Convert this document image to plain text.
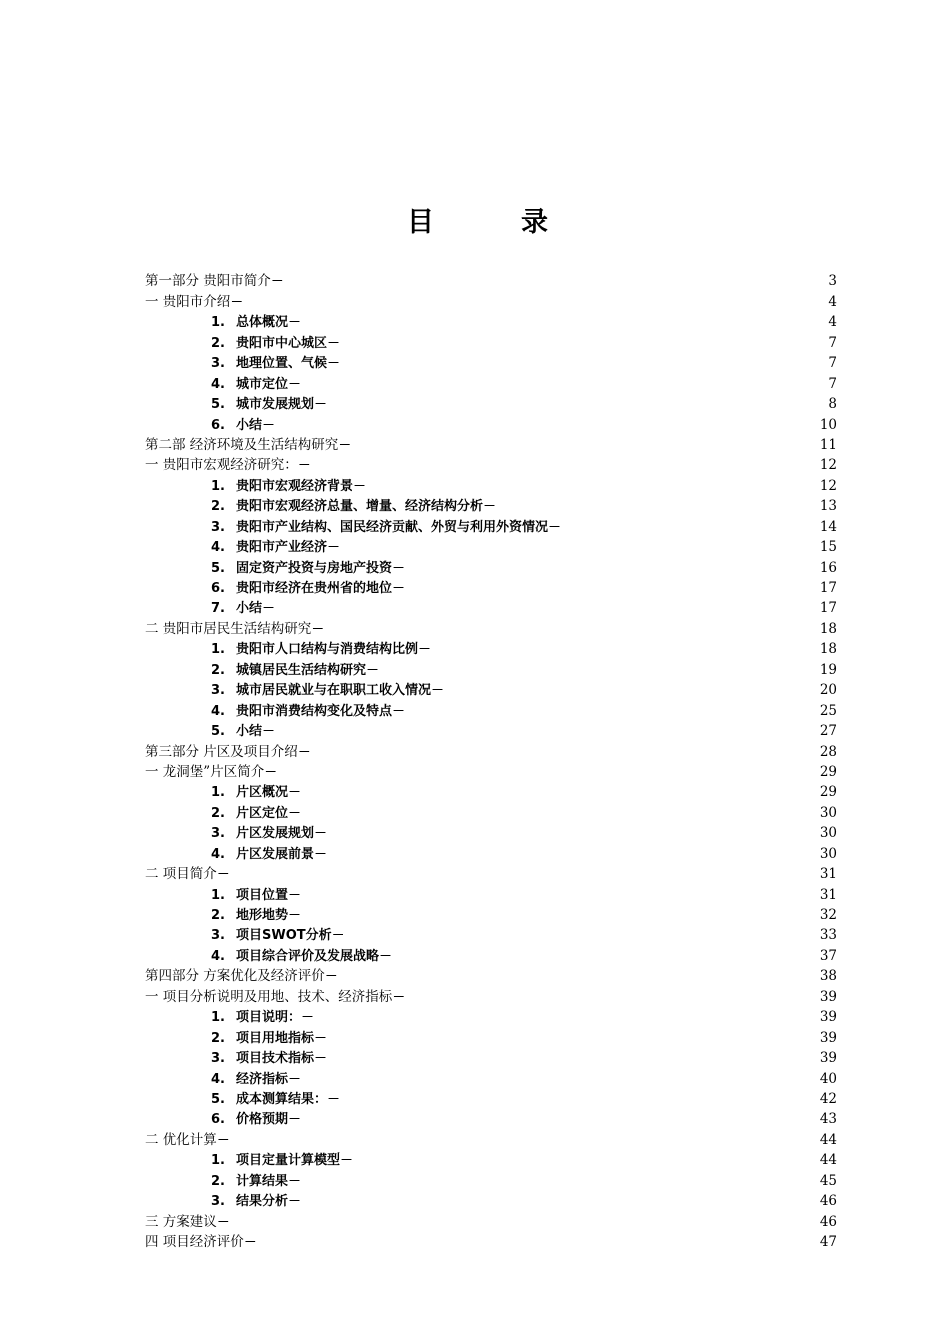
目　录
第一部分 贵阳市简介 . . .	3
一 贵阳市介绍 . . .	4
1. 总体概况 . . .	4
2. 贵阳市中心城区 . . .	7
3. 地理位置、气候 . . .	7
4. 城市定位 . . .	7
5. 城市发展规划 . . .	8
6. 小结 . . .	10
第二部 经济环境及生活结构研究 . . .	11
一 贵阳市宏观经济研究： . . .	12
1. 贵阳市宏观经济背景 . . .	12
2. 贵阳市宏观经济总量、增量、经济结构分析 . . .	13
3. 贵阳市产业结构、国民经济贡献、外贸与利用外资情况 . . .	14
4. 贵阳市产业经济 . . .	15
5. 固定资产投资与房地产投资 . . .	16
6. 贵阳市经济在贵州省的地位 . . .	17
7. 小结 . . .	17
二 贵阳市居民生活结构研究 . . .	18
1. 贵阳市人口结构与消费结构比例 . . .	18
2. 城镇居民生活结构研究 . . .	19
3. 城市居民就业与在职职工收入情况 . . .	20
4. 贵阳市消费结构变化及特点 . . .	25
5. 小结 . . .	27
第三部分 片区及项目介绍 . . .	28
一 龙洞堡”片区简介 . . .	29
1. 片区概况 . . .	29
2. 片区定位 . . .	30
3. 片区发展规划 . . .	30
4. 片区发展前景 . . .	30
二 项目简介 . . .	31
1. 项目位置 . . .	31
2. 地形地势 . . .	32
3. 项目SWOT分析 . . .	33
4. 项目综合评价及发展战略 . . .	37
第四部分 方案优化及经济评价 . . .	38
一 项目分析说明及用地、技术、经济指标 . . .	39
1. 项目说明： . . .	39
2. 项目用地指标 . . .	39
3. 项目技术指标 . . .	39
4. 经济指标 . . .	40
5. 成本测算结果： . . .	42
6. 价格预期 . . .	43
二 优化计算 . . .	44
1. 项目定量计算模型 . . .	44
2. 计算结果 . . .	45
3. 结果分析 . . .	46
三 方案建议 . . .	46
四 项目经济评价 . . .	47
